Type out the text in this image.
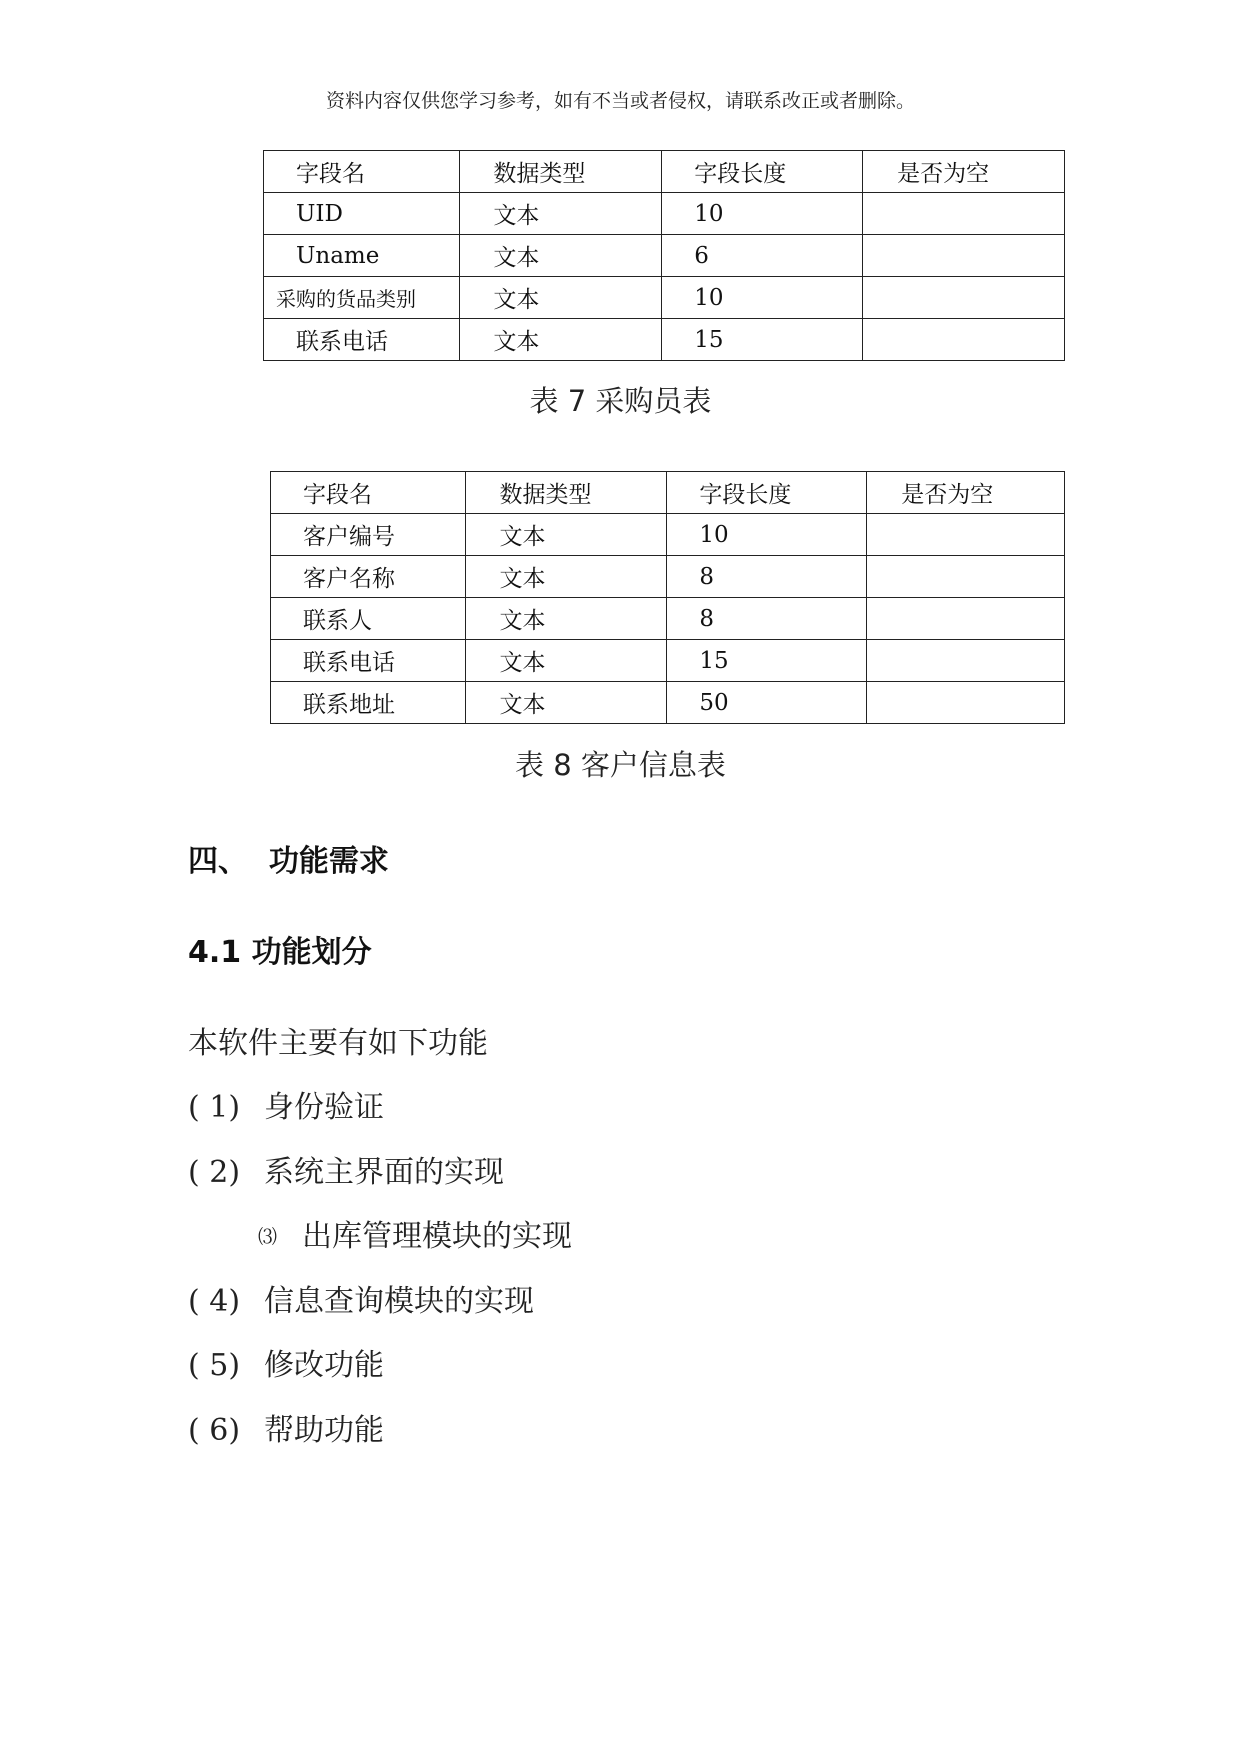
资料内容仅供您学习参考，如有不当或者侵权，请联系改正或者删除。
字段名	数据类型	字段长度	是否为空
UID	文本	10	
Uname	文本	6	
采购的货品类别	文本	10	
联系电话	文本	15	
表 7 采购员表
字段名	数据类型	字段长度	是否为空
客户编号	文本	10	
客户名称	文本	8	
联系人	文本	8	
联系电话	文本	15	
联系地址	文本	50	
表 8 客户信息表
四、  功能需求
4.1 功能划分
本软件主要有如下功能
( 1) 身份验证
( 2) 系统主界面的实现
⑶ 出库管理模块的实现
( 4) 信息查询模块的实现
( 5) 修改功能
( 6) 帮助功能
